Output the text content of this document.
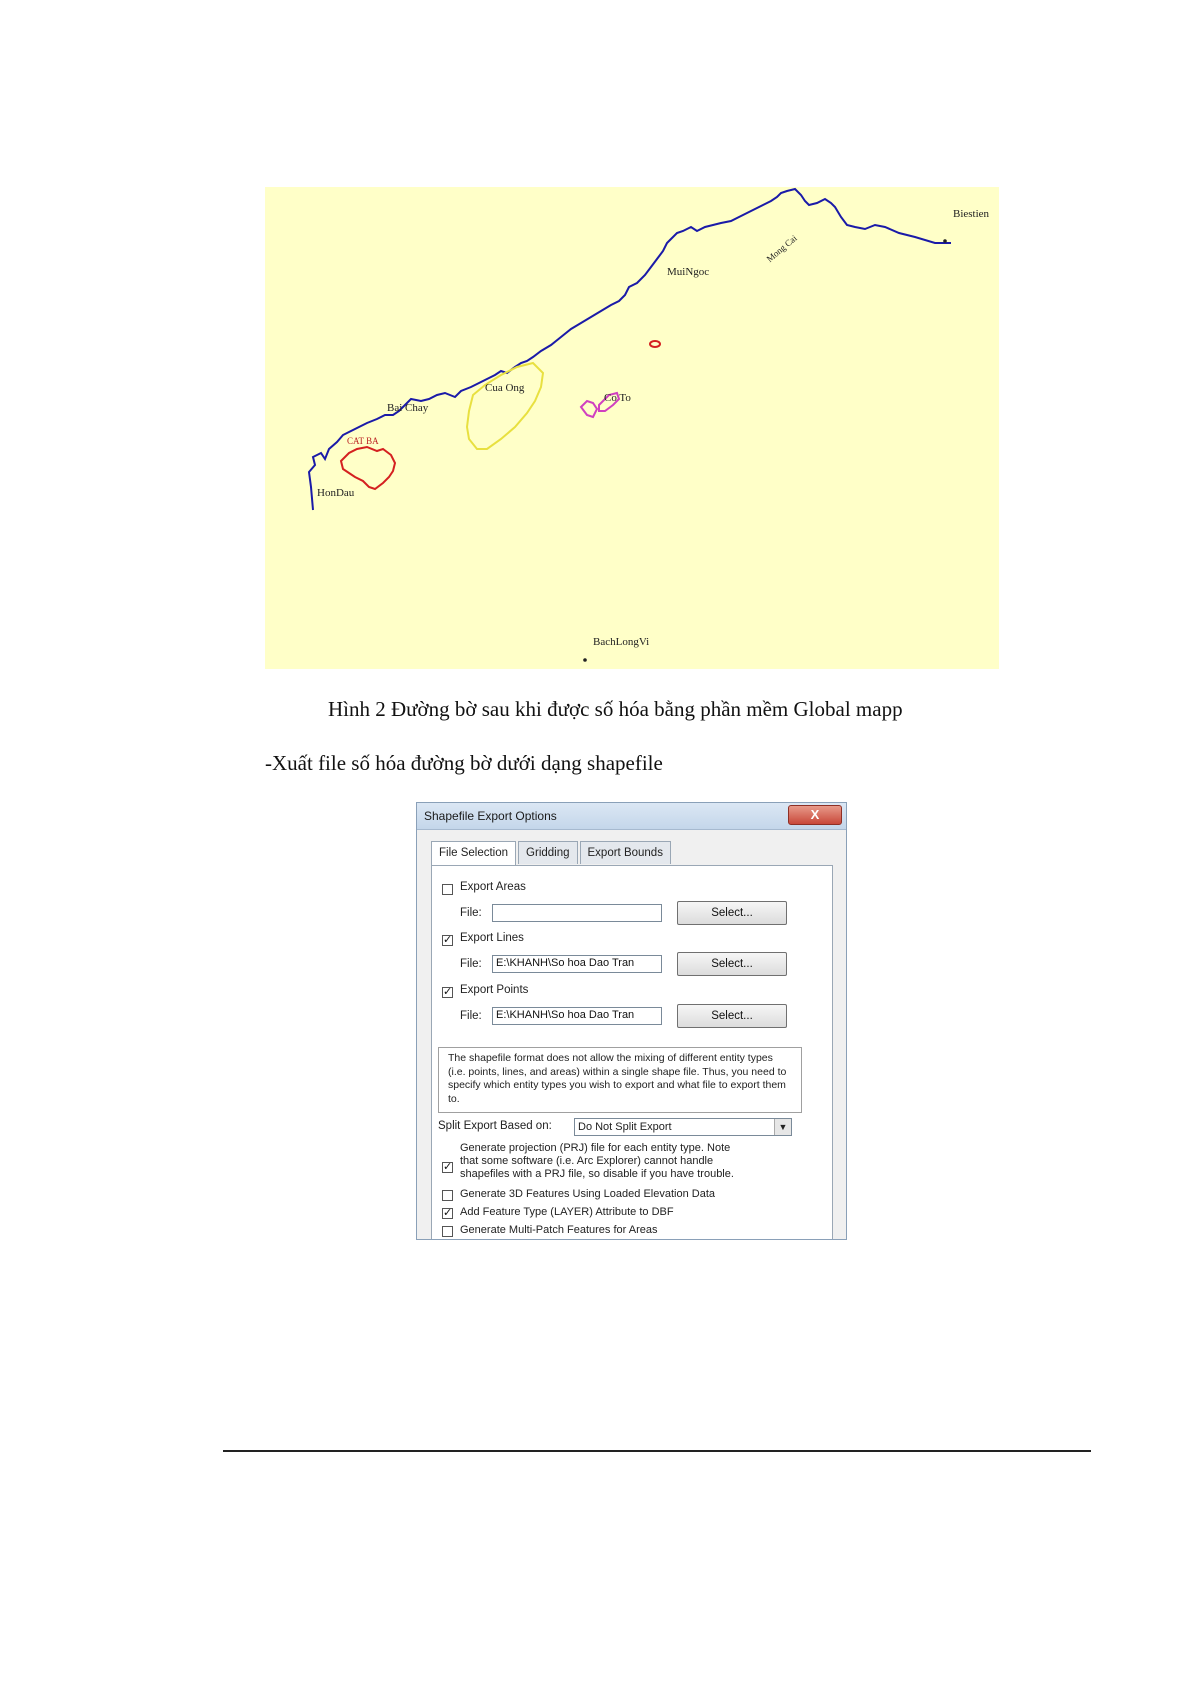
Biestien
Mong Cai
MuiNgoc
Cua Ong
Co To
Bai Chay
CAT BA
HonDau
BachLongVi
Hình 2 Đường bờ sau khi được số hóa bằng phần mềm Global mapp
-Xuất file số hóa đường bờ dưới dạng shapefile
Shapefile Export Options	X
File Selection	Gridding	Export Bounds
Export Areas
File:	Select...
✓ Export Lines
File:	E:\KHANH\So hoa Dao Tran	Select...
✓ Export Points
File:	E:\KHANH\So hoa Dao Tran	Select...
The shapefile format does not allow the mixing of different entity types (i.e. points, lines, and areas) within a single shape file. Thus, you need to specify which entity types you wish to export and what file to export them to.
Split Export Based on:	Do Not Split Export	▼
✓
Generate projection (PRJ) file for each entity type. Note
that some software (i.e. Arc Explorer) cannot handle
shapefiles with a PRJ file, so disable if you have trouble.
Generate 3D Features Using Loaded Elevation Data
✓ Add Feature Type (LAYER) Attribute to DBF
Generate Multi-Patch Features for Areas
